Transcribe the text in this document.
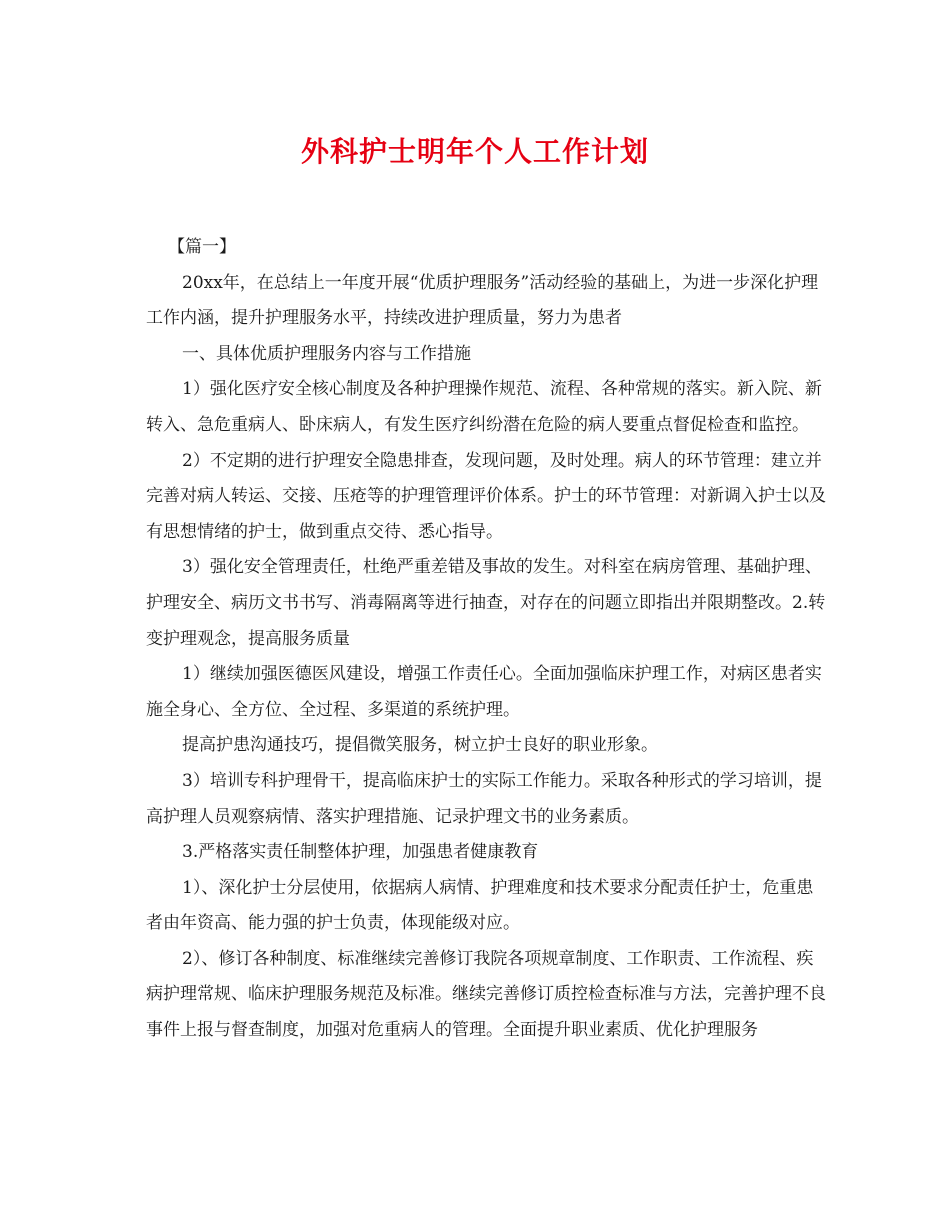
外科护士明年个人工作计划

【篇一】

20xx年，在总结上一年度开展“优质护理服务”活动经验的基础上，为进一步深化护理工作内涵，提升护理服务水平，持续改进护理质量，努力为患者

一、具体优质护理服务内容与工作措施

1）强化医疗安全核心制度及各种护理操作规范、流程、各种常规的落实。新入院、新转入、急危重病人、卧床病人，有发生医疗纠纷潜在危险的病人要重点督促检查和监控。

2）不定期的进行护理安全隐患排查，发现问题，及时处理。病人的环节管理：建立并完善对病人转运、交接、压疮等的护理管理评价体系。护士的环节管理：对新调入护士以及有思想情绪的护士，做到重点交待、悉心指导。

3）强化安全管理责任，杜绝严重差错及事故的发生。对科室在病房管理、基础护理、护理安全、病历文书书写、消毒隔离等进行抽查，对存在的问题立即指出并限期整改。2.转变护理观念，提高服务质量

1）继续加强医德医风建设，增强工作责任心。全面加强临床护理工作，对病区患者实施全身心、全方位、全过程、多渠道的系统护理。

提高护患沟通技巧，提倡微笑服务，树立护士良好的职业形象。

3）培训专科护理骨干，提高临床护士的实际工作能力。采取各种形式的学习培训，提高护理人员观察病情、落实护理措施、记录护理文书的业务素质。

3.严格落实责任制整体护理，加强患者健康教育

1）、深化护士分层使用，依据病人病情、护理难度和技术要求分配责任护士，危重患者由年资高、能力强的护士负责，体现能级对应。

2）、修订各种制度、标准继续完善修订我院各项规章制度、工作职责、工作流程、疾病护理常规、临床护理服务规范及标准。继续完善修订质控检查标准与方法，完善护理不良事件上报与督查制度，加强对危重病人的管理。全面提升职业素质、优化护理服务
